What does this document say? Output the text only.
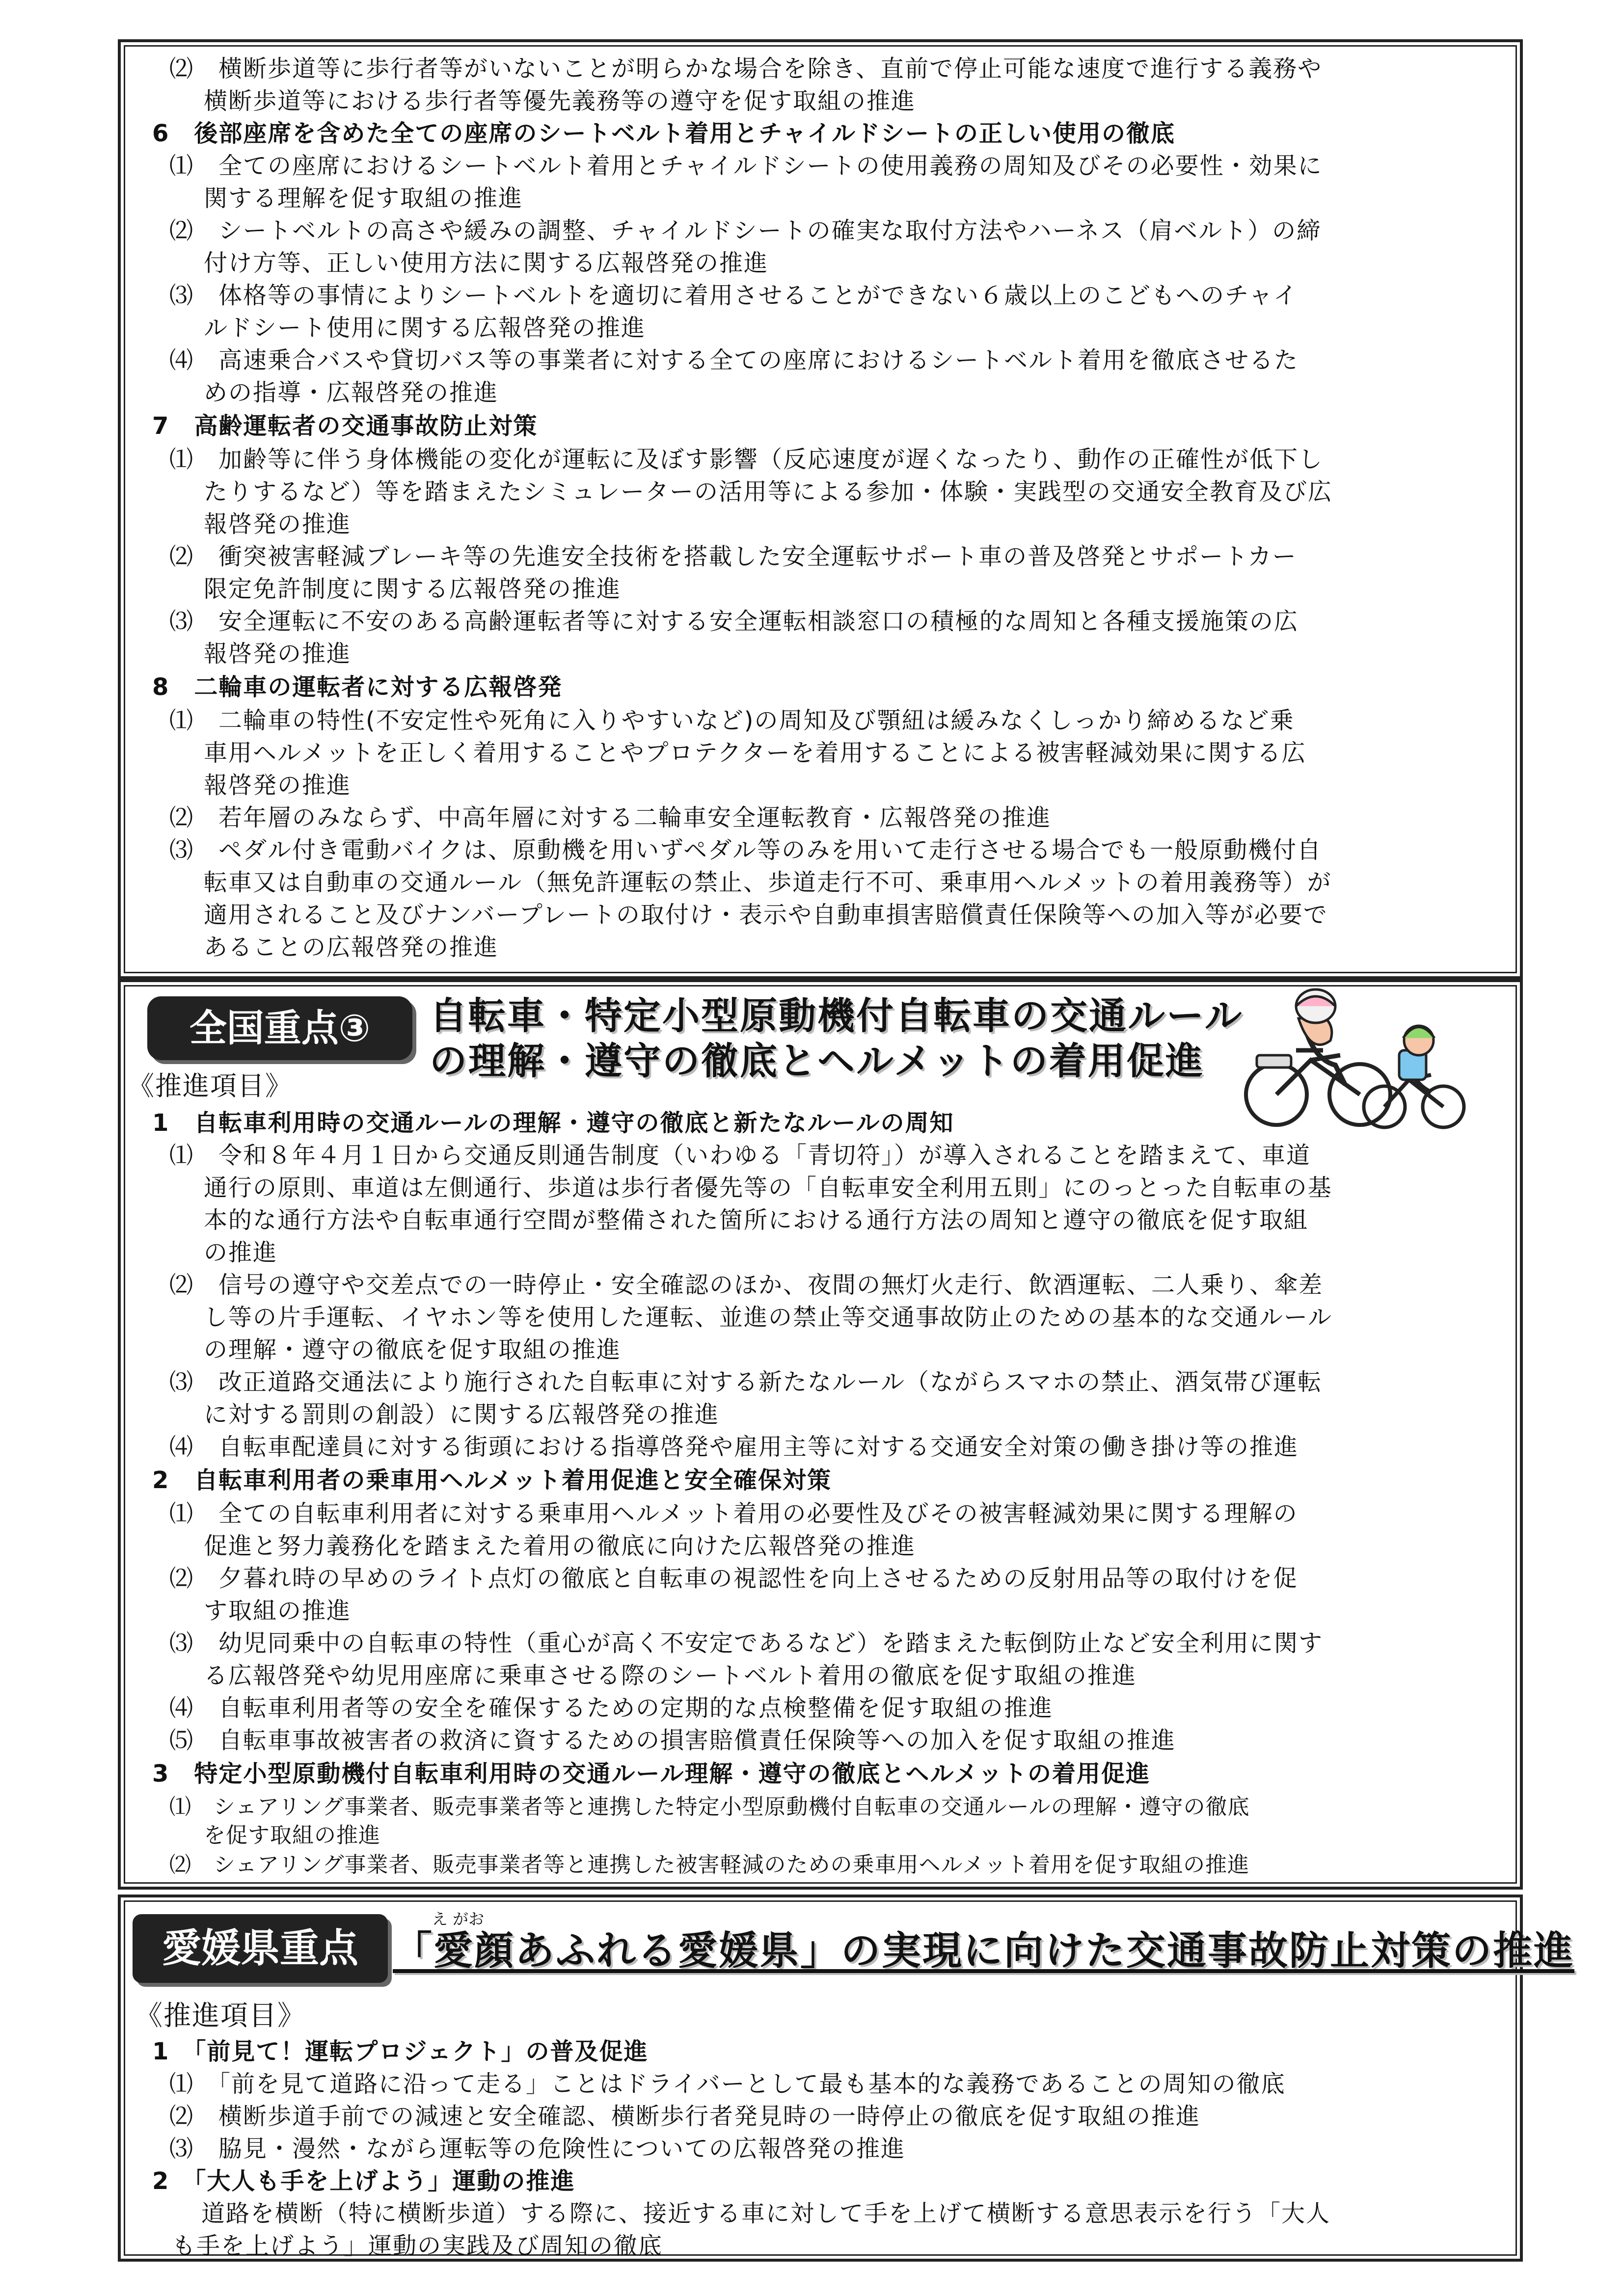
⑵　横断歩道等に歩行者等がいないことが明らかな場合を除き、直前で停止可能な速度で進行する義務や
横断歩道等における歩行者等優先義務等の遵守を促す取組の推進
6　後部座席を含めた全ての座席のシートベルト着用とチャイルドシートの正しい使用の徹底
⑴　全ての座席におけるシートベルト着用とチャイルドシートの使用義務の周知及びその必要性・効果に
関する理解を促す取組の推進
⑵　シートベルトの高さや緩みの調整、チャイルドシートの確実な取付方法やハーネス（肩ベルト）の締
付け方等、正しい使用方法に関する広報啓発の推進
⑶　体格等の事情によりシートベルトを適切に着用させることができない６歳以上のこどもへのチャイ
ルドシート使用に関する広報啓発の推進
⑷　高速乗合バスや貸切バス等の事業者に対する全ての座席におけるシートベルト着用を徹底させるた
めの指導・広報啓発の推進
7　高齢運転者の交通事故防止対策
⑴　加齢等に伴う身体機能の変化が運転に及ぼす影響（反応速度が遅くなったり、動作の正確性が低下し
たりするなど）等を踏まえたシミュレーターの活用等による参加・体験・実践型の交通安全教育及び広
報啓発の推進
⑵　衝突被害軽減ブレーキ等の先進安全技術を搭載した安全運転サポート車の普及啓発とサポートカー
限定免許制度に関する広報啓発の推進
⑶　安全運転に不安のある高齢運転者等に対する安全運転相談窓口の積極的な周知と各種支援施策の広
報啓発の推進
8　二輪車の運転者に対する広報啓発
⑴　二輪車の特性(不安定性や死角に入りやすいなど)の周知及び顎紐は緩みなくしっかり締めるなど乗
車用ヘルメットを正しく着用することやプロテクターを着用することによる被害軽減効果に関する広
報啓発の推進
⑵　若年層のみならず、中高年層に対する二輪車安全運転教育・広報啓発の推進
⑶　ペダル付き電動バイクは、原動機を用いずペダル等のみを用いて走行させる場合でも一般原動機付自
転車又は自動車の交通ルール（無免許運転の禁止、歩道走行不可、乗車用ヘルメットの着用義務等）が
適用されること及びナンバープレートの取付け・表示や自動車損害賠償責任保険等への加入等が必要で
あることの広報啓発の推進
全国重点③	自転車・特定小型原動機付自転車の交通ルール
の理解・遵守の徹底とヘルメットの着用促進
《推進項目》
1　自転車利用時の交通ルールの理解・遵守の徹底と新たなルールの周知
⑴　令和８年４月１日から交通反則通告制度（いわゆる「青切符」）が導入されることを踏まえて、車道
通行の原則、車道は左側通行、歩道は歩行者優先等の「自転車安全利用五則」にのっとった自転車の基
本的な通行方法や自転車通行空間が整備された箇所における通行方法の周知と遵守の徹底を促す取組
の推進
⑵　信号の遵守や交差点での一時停止・安全確認のほか、夜間の無灯火走行、飲酒運転、二人乗り、傘差
し等の片手運転、イヤホン等を使用した運転、並進の禁止等交通事故防止のための基本的な交通ルール
の理解・遵守の徹底を促す取組の推進
⑶　改正道路交通法により施行された自転車に対する新たなルール（ながらスマホの禁止、酒気帯び運転
に対する罰則の創設）に関する広報啓発の推進
⑷　自転車配達員に対する街頭における指導啓発や雇用主等に対する交通安全対策の働き掛け等の推進
2　自転車利用者の乗車用ヘルメット着用促進と安全確保対策
⑴　全ての自転車利用者に対する乗車用ヘルメット着用の必要性及びその被害軽減効果に関する理解の
促進と努力義務化を踏まえた着用の徹底に向けた広報啓発の推進
⑵　夕暮れ時の早めのライト点灯の徹底と自転車の視認性を向上させるための反射用品等の取付けを促
す取組の推進
⑶　幼児同乗中の自転車の特性（重心が高く不安定であるなど）を踏まえた転倒防止など安全利用に関す
る広報啓発や幼児用座席に乗車させる際のシートベルト着用の徹底を促す取組の推進
⑷　自転車利用者等の安全を確保するための定期的な点検整備を促す取組の推進
⑸　自転車事故被害者の救済に資するための損害賠償責任保険等への加入を促す取組の推進
3　特定小型原動機付自転車利用時の交通ルール理解・遵守の徹底とヘルメットの着用促進
⑴　シェアリング事業者、販売事業者等と連携した特定小型原動機付自転車の交通ルールの理解・遵守の徹底
を促す取組の推進
⑵　シェアリング事業者、販売事業者等と連携した被害軽減のための乗車用ヘルメット着用を促す取組の推進
愛媛県重点
え がお
「愛顔あふれる愛媛県」の実現に向けた交通事故防止対策の推進
《推進項目》
1　「前見て！運転プロジェクト」の普及促進
⑴　「前を見て道路に沿って走る」ことはドライバーとして最も基本的な義務であることの周知の徹底
⑵　横断歩道手前での減速と安全確認、横断歩行者発見時の一時停止の徹底を促す取組の推進
⑶　脇見・漫然・ながら運転等の危険性についての広報啓発の推進
2　「大人も手を上げよう」運動の推進
道路を横断（特に横断歩道）する際に、接近する車に対して手を上げて横断する意思表示を行う「大人
も手を上げよう」運動の実践及び周知の徹底
